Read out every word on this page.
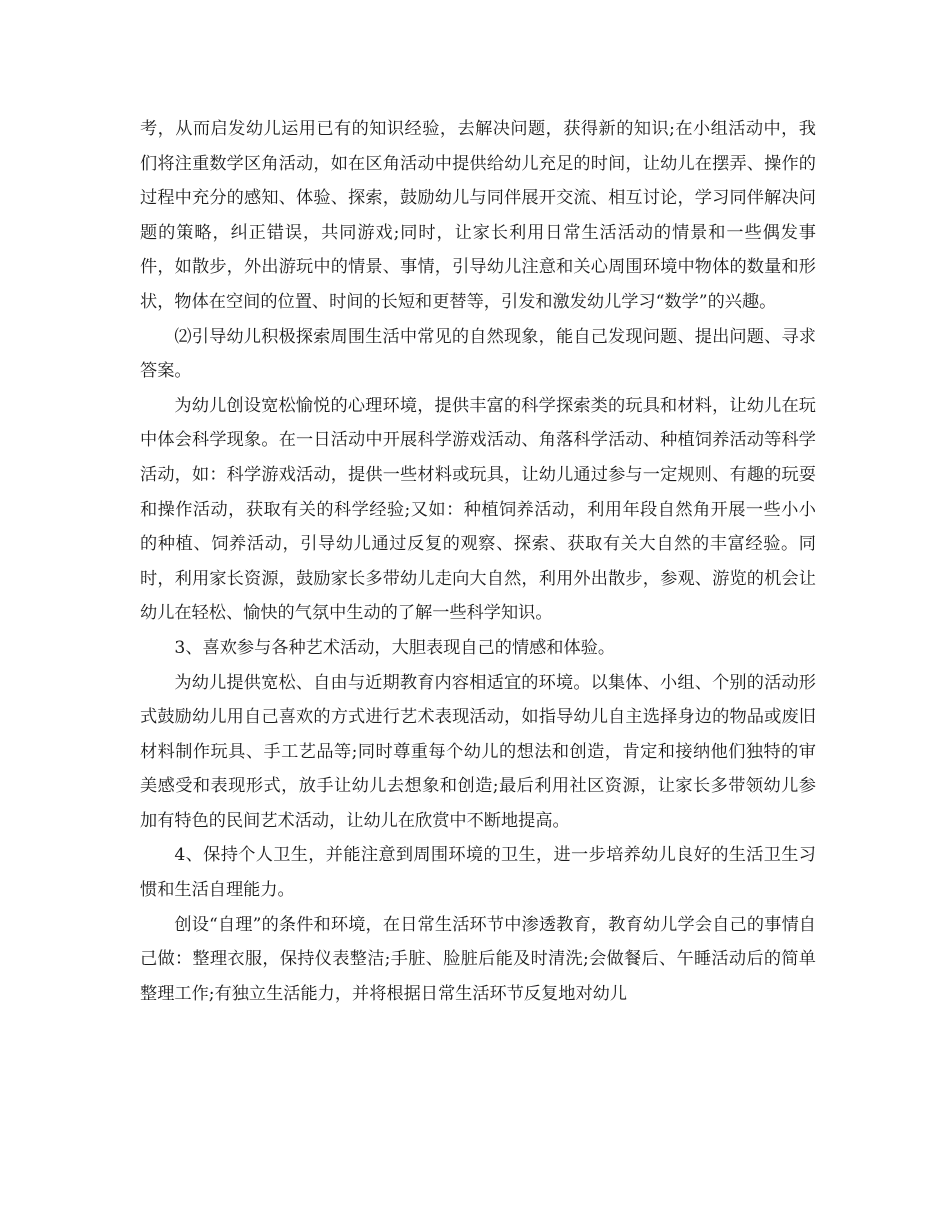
考，从而启发幼儿运用已有的知识经验，去解决问题，获得新的知识;在小组活动中，我们将注重数学区角活动，如在区角活动中提供给幼儿充足的时间，让幼儿在摆弄、操作的过程中充分的感知、体验、探索，鼓励幼儿与同伴展开交流、相互讨论，学习同伴解决问题的策略，纠正错误，共同游戏;同时，让家长利用日常生活活动的情景和一些偶发事件，如散步，外出游玩中的情景、事情，引导幼儿注意和关心周围环境中物体的数量和形状，物体在空间的位置、时间的长短和更替等，引发和激发幼儿学习“数学”的兴趣。

⑵引导幼儿积极探索周围生活中常见的自然现象，能自己发现问题、提出问题、寻求答案。

为幼儿创设宽松愉悦的心理环境，提供丰富的科学探索类的玩具和材料，让幼儿在玩中体会科学现象。在一日活动中开展科学游戏活动、角落科学活动、种植饲养活动等科学活动，如：科学游戏活动，提供一些材料或玩具，让幼儿通过参与一定规则、有趣的玩耍和操作活动，获取有关的科学经验;又如：种植饲养活动，利用年段自然角开展一些小小的种植、饲养活动，引导幼儿通过反复的观察、探索、获取有关大自然的丰富经验。同时，利用家长资源，鼓励家长多带幼儿走向大自然，利用外出散步，参观、游览的机会让幼儿在轻松、愉快的气氛中生动的了解一些科学知识。

3、喜欢参与各种艺术活动，大胆表现自己的情感和体验。

为幼儿提供宽松、自由与近期教育内容相适宜的环境。以集体、小组、个别的活动形式鼓励幼儿用自己喜欢的方式进行艺术表现活动，如指导幼儿自主选择身边的物品或废旧材料制作玩具、手工艺品等;同时尊重每个幼儿的想法和创造，肯定和接纳他们独特的审美感受和表现形式，放手让幼儿去想象和创造;最后利用社区资源，让家长多带领幼儿参加有特色的民间艺术活动，让幼儿在欣赏中不断地提高。

4、保持个人卫生，并能注意到周围环境的卫生，进一步培养幼儿良好的生活卫生习惯和生活自理能力。

创设“自理”的条件和环境，在日常生活环节中渗透教育，教育幼儿学会自己的事情自己做：整理衣服，保持仪表整洁;手脏、脸脏后能及时清洗;会做餐后、午睡活动后的简单整理工作;有独立生活能力，并将根据日常生活环节反复地对幼儿
